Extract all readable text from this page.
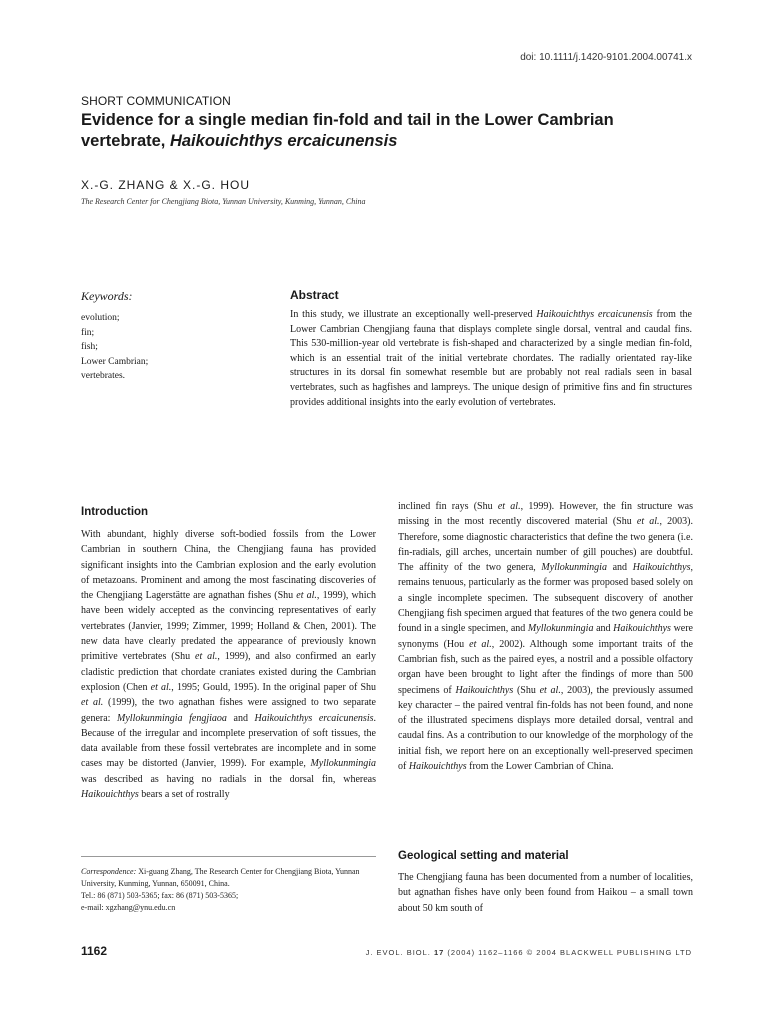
doi: 10.1111/j.1420-9101.2004.00741.x
SHORT COMMUNICATION
Evidence for a single median fin-fold and tail in the Lower Cambrian vertebrate, Haikouichthys ercaicunensis
X.-G. ZHANG & X.-G. HOU
The Research Center for Chengjiang Biota, Yunnan University, Kunming, Yunnan, China
Keywords:
evolution;
fin;
fish;
Lower Cambrian;
vertebrates.
Abstract

In this study, we illustrate an exceptionally well-preserved Haikouichthys ercaicunensis from the Lower Cambrian Chengjiang fauna that displays complete single dorsal, ventral and caudal fins. This 530-million-year old vertebrate is fish-shaped and characterized by a single median fin-fold, which is an essential trait of the initial vertebrate chordates. The radially orientated ray-like structures in its dorsal fin somewhat resemble but are probably not real radials seen in basal vertebrates, such as hagfishes and lampreys. The unique design of primitive fins and fin structures provides additional insights into the early evolution of vertebrates.

Introduction

With abundant, highly diverse soft-bodied fossils from the Lower Cambrian in southern China, the Chengjiang fauna has provided significant insights into the Cambrian explosion and the early evolution of metazoans. Prominent and among the most fascinating discoveries of the Chengjiang Lagerstätte are agnathan fishes (Shu et al., 1999), which have been widely accepted as the convincing representatives of early vertebrates (Janvier, 1999; Zimmer, 1999; Holland & Chen, 2001). The new data have clearly predated the appearance of previously known primitive vertebrates (Shu et al., 1999), and also confirmed an early cladistic prediction that chordate craniates existed during the Cambrian explosion (Chen et al., 1995; Gould, 1995). In the original paper of Shu et al. (1999), the two agnathan fishes were assigned to two separate genera: Myllokunmingia fengjiaoa and Haikouichthys ercaicunensis. Because of the irregular and incomplete preservation of soft tissues, the data available from these fossil vertebrates are incomplete and in some cases may be distorted (Janvier, 1999). For example, Myllokunmingia was described as having no radials in the dorsal fin, whereas Haikouichthys bears a set of rostrally

inclined fin rays (Shu et al., 1999). However, the fin structure was missing in the most recently discovered material (Shu et al., 2003). Therefore, some diagnostic characteristics that define the two genera (i.e. fin-radials, gill arches, uncertain number of gill pouches) are doubtful. The affinity of the two genera, Myllokunmingia and Haikouichthys, remains tenuous, particularly as the former was proposed based solely on a single incomplete specimen. The subsequent discovery of another Chengjiang fish specimen argued that features of the two genera could be found in a single specimen, and Myllokunmingia and Haikouichthys were synonyms (Hou et al., 2002). Although some important traits of the Cambrian fish, such as the paired eyes, a nostril and a possible olfactory organ have been brought to light after the findings of more than 500 specimens of Haikouichthys (Shu et al., 2003), the previously assumed key character – the paired ventral fin-folds has not been found, and none of the illustrated specimens displays more detailed dorsal, ventral and caudal fins. As a contribution to our knowledge of the morphology of the initial fish, we report here on an exceptionally well-preserved specimen of Haikouichthys from the Lower Cambrian of China.

Geological setting and material

The Chengjiang fauna has been documented from a number of localities, but agnathan fishes have only been found from Haikou – a small town about 50 km south of

Correspondence: Xi-guang Zhang, The Research Center for Chengjiang Biota, Yunnan University, Kunming, Yunnan, 650091, China.
Tel.: 86 (871) 503-5365; fax: 86 (871) 503-5365;
e-mail: xgzhang@ynu.edu.cn
1162	J. EVOL. BIOL. 17 (2004) 1162–1166 © 2004 BLACKWELL PUBLISHING LTD
